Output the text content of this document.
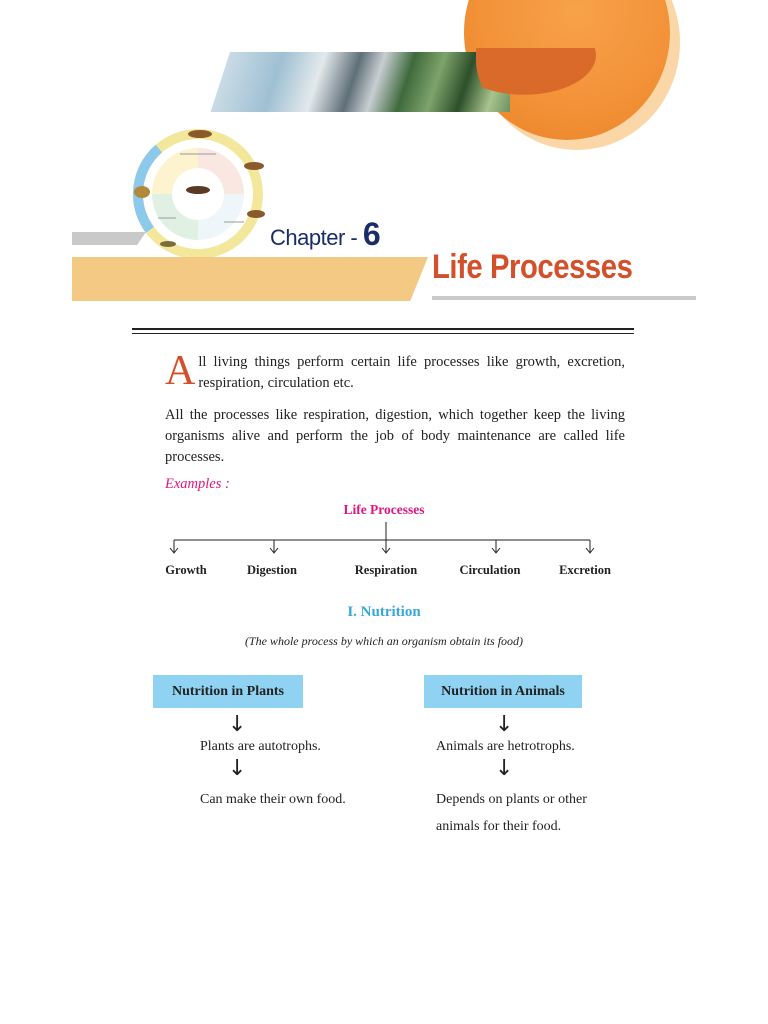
Chapter - 6
Life Processes
All living things perform certain life processes like growth, excretion, respiration, circulation etc.
All the processes like respiration, digestion, which together keep the living organisms alive and perform the job of body maintenance are called life processes.
Examples :
Life Processes
Growth	Digestion	Respiration	Circulation	Excretion
I. Nutrition
(The whole process by which an organism obtain its food)
Nutrition in Plants	Nutrition in Animals
↓
Plants are autotrophs.
↓
Can make their own food.
↓
Animals are hetrotrophs.
↓
Depends on plants or other
animals for their food.
